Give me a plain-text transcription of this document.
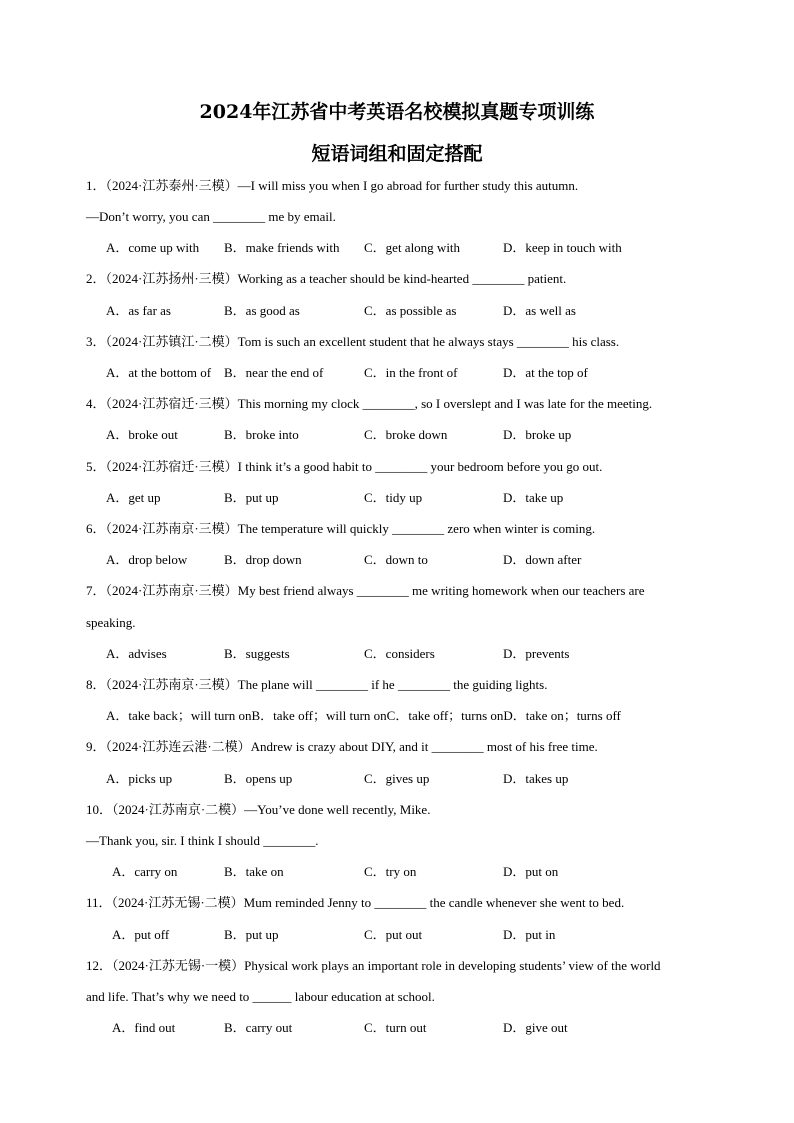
2024年江苏省中考英语名校模拟真题专项训练
短语词组和固定搭配
1．（2024·江苏泰州·三模）—I will miss you when I go abroad for further study this autumn.
—Don’t worry, you can ________ me by email.
A．come up with B．make friends with C．get along with	D．keep in touch with
2．（2024·江苏扬州·三模）Working as a teacher should be kind-hearted ________ patient.
A．as far as	B．as good as	C．as possible as	D．as well as
3．（2024·江苏镇江·二模）Tom is such an excellent student that he always stays ________ his class.
A．at the bottom of B．near the end of	C．in the front of	D．at the top of
4．（2024·江苏宿迁·三模）This morning my clock ________, so I overslept and I was late for the meeting.
A．broke out	B．broke into	C．broke down	D．broke up
5．（2024·江苏宿迁·三模）I think it’s a good habit to ________ your bedroom before you go out.
A．get up	B．put up	C．tidy up	D．take up
6．（2024·江苏南京·三模）The temperature will quickly ________ zero when winter is coming.
A．drop below	B．drop down	C．down to	D．down after
7．（2024·江苏南京·三模）My best friend always ________ me writing homework when our teachers are
speaking.
A．advises	B．suggests	C．considers	D．prevents
8．（2024·江苏南京·三模）The plane will ________ if he ________ the guiding lights.
A．take back；will turn onB．take off；will turn onC．take off；turns onD．take on；turns off
9．（2024·江苏连云港·二模）Andrew is crazy about DIY, and it ________ most of his free time.
A．picks up	B．opens up	C．gives up	D．takes up
10．（2024·江苏南京·二模）—You’ve done well recently, Mike.
—Thank you, sir. I think I should ________.
A．carry on	B．take on	C．try on	D．put on
11．（2024·江苏无锡·二模）Mum reminded Jenny to ________ the candle whenever she went to bed.
A．put off	B．put up	C．put out	D．put in
12．（2024·江苏无锡·一模）Physical work plays an important role in developing students’ view of the world
and life. That’s why we need to ______ labour education at school.
A．find out	B．carry out	C．turn out	D．give out
